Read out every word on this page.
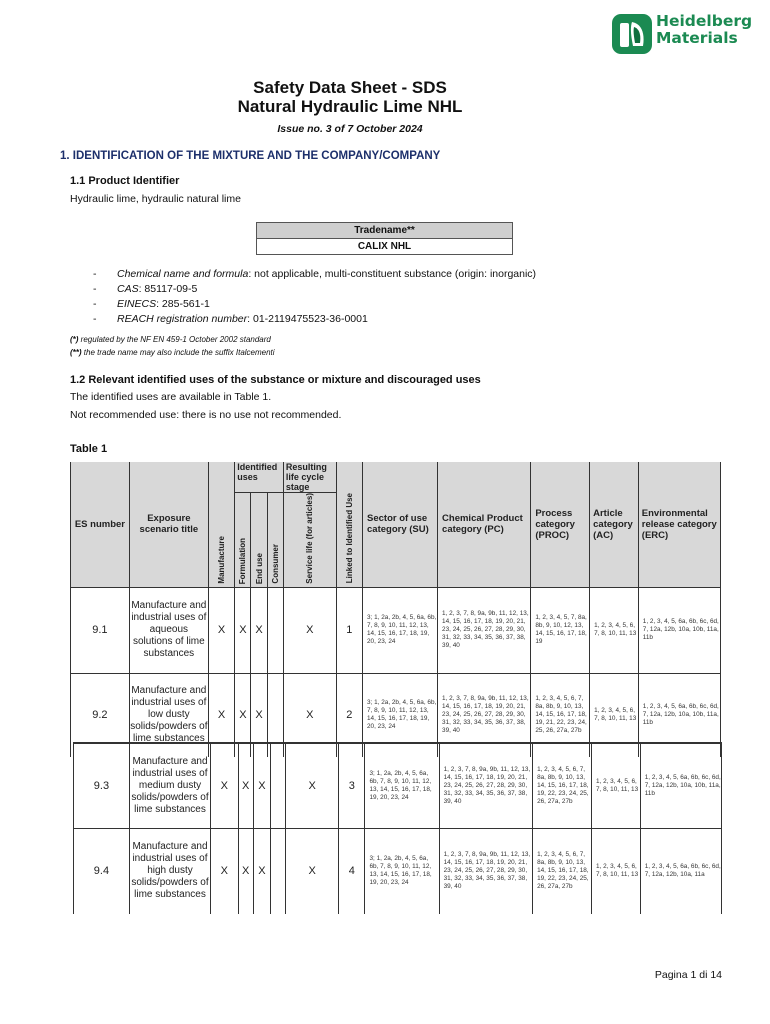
Heidelberg
Materials
Safety Data Sheet - SDS
Natural Hydraulic Lime NHL
Issue no. 3 of 7 October 2024
1. IDENTIFICATION OF THE MIXTURE AND THE COMPANY/COMPANY
1.1 Product Identifier
Hydraulic lime, hydraulic natural lime
Tradename**
CALIX NHL
- Chemical name and formula: not applicable, multi-constituent substance (origin: inorganic)
- CAS: 85117-09-5
- EINECS: 285-561-1
- REACH registration number: 01-2119475523-36-0001
(*) regulated by the NF EN 459-1 October 2002 standard
(**) the trade name may also include the suffix Italcementi
1.2 Relevant identified uses of the substance or mixture and discouraged uses
The identified uses are available in Table 1.
Not recommended use: there is no use not recommended.
Table 1
ES number	Exposure scenario title	Manufacture	Identified uses			Resulting life cycle stage	Linked to Identified Use	Sector of use category (SU)	Chemical Product category (PC)	Process category (PROC)	Article category (AC)	Environmental release category (ERC)
			Formulation	End use	Consumer	Service life (for articles)						
9.1	Manufacture and industrial uses of aqueous solutions of lime substances	X	X	X		X	1	3; 1, 2a, 2b, 4, 5, 6a, 6b, 7, 8, 9, 10, 11, 12, 13, 14, 15, 16, 17, 18, 19, 20, 23, 24	1, 2, 3, 7, 8, 9a, 9b, 11, 12, 13, 14, 15, 16, 17, 18, 19, 20, 21, 23, 24, 25, 26, 27, 28, 29, 30, 31, 32, 33, 34, 35, 36, 37, 38, 39, 40	1, 2, 3, 4, 5, 7, 8a, 8b, 9, 10, 12, 13, 14, 15, 16, 17, 18, 19	1, 2, 3, 4, 5, 6, 7, 8, 10, 11, 13	1, 2, 3, 4, 5, 6a, 6b, 6c, 6d, 7, 12a, 12b, 10a, 10b, 11a, 11b
9.2	Manufacture and industrial uses of low dusty solids/powders of lime substances	X	X	X		X	2	3; 1, 2a, 2b, 4, 5, 6a, 6b, 7, 8, 9, 10, 11, 12, 13, 14, 15, 16, 17, 18, 19, 20, 23, 24	1, 2, 3, 7, 8, 9a, 9b, 11, 12, 13, 14, 15, 16, 17, 18, 19, 20, 21, 23, 24, 25, 26, 27, 28, 29, 30, 31, 32, 33, 34, 35, 36, 37, 38, 39, 40	1, 2, 3, 4, 5, 6, 7, 8a, 8b, 9, 10, 13, 14, 15, 16, 17, 18, 19, 21, 22, 23, 24, 25, 26, 27a, 27b	1, 2, 3, 4, 5, 6, 7, 8, 10, 11, 13	1, 2, 3, 4, 5, 6a, 6b, 6c, 6d, 7, 12a, 12b, 10a, 10b, 11a, 11b
9.3	Manufacture and industrial uses of medium dusty solids/powders of lime substances	X	X	X		X	3	3; 1, 2a, 2b, 4, 5, 6a, 6b, 7, 8, 9, 10, 11, 12, 13, 14, 15, 16, 17, 18, 19, 20, 23, 24	1, 2, 3, 7, 8, 9a, 9b, 11, 12, 13, 14, 15, 16, 17, 18, 19, 20, 21, 23, 24, 25, 26, 27, 28, 29, 30, 31, 32, 33, 34, 35, 36, 37, 38, 39, 40	1, 2, 3, 4, 5, 6, 7, 8a, 8b, 9, 10, 13, 14, 15, 16, 17, 18, 19, 22, 23, 24, 25, 26, 27a, 27b	1, 2, 3, 4, 5, 6, 7, 8, 10, 11, 13	1, 2, 3, 4, 5, 6a, 6b, 6c, 6d, 7, 12a, 12b, 10a, 10b, 11a, 11b
9.4	Manufacture and industrial uses of high dusty solids/powders of lime substances	X	X	X		X	4	3; 1, 2a, 2b, 4, 5, 6a, 6b, 7, 8, 9, 10, 11, 12, 13, 14, 15, 16, 17, 18, 19, 20, 23, 24	1, 2, 3, 7, 8, 9a, 9b, 11, 12, 13, 14, 15, 16, 17, 18, 19, 20, 21, 23, 24, 25, 26, 27, 28, 29, 30, 31, 32, 33, 34, 35, 36, 37, 38, 39, 40	1, 2, 3, 4, 5, 6, 7, 8a, 8b, 9, 10, 13, 14, 15, 16, 17, 18, 19, 22, 23, 24, 25, 26, 27a, 27b	1, 2, 3, 4, 5, 6, 7, 8, 10, 11, 13	1, 2, 3, 4, 5, 6a, 6b, 6c, 6d, 7, 12a, 12b, 10a, 11a
Pagina 1 di 14
